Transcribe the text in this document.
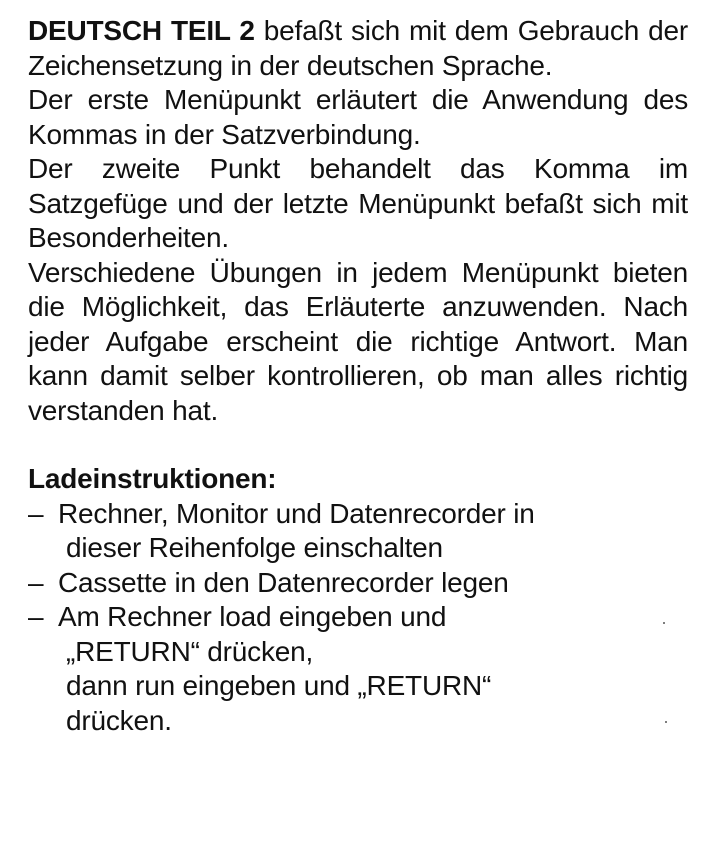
DEUTSCH TEIL 2 befaßt sich mit dem Gebrauch der Zeichensetzung in der deutschen Sprache.

Der erste Menüpunkt erläutert die Anwendung des Kommas in der Satzverbindung.

Der zweite Punkt behandelt das Komma im Satzgefüge und der letzte Menüpunkt befaßt sich mit Besonderheiten.

Verschiedene Übungen in jedem Menüpunkt bieten die Möglichkeit, das Erläuterte anzuwenden. Nach jeder Aufgabe erscheint die richtige Antwort. Man kann damit selber kontrollieren, ob man alles richtig verstanden hat.

Ladeinstruktionen:

– Rechner, Monitor und Datenrecorder in
dieser Reihenfolge einschalten
– Cassette in den Datenrecorder legen
– Am Rechner load eingeben und
„RETURN“ drücken,
dann run eingeben und „RETURN“
drücken.
